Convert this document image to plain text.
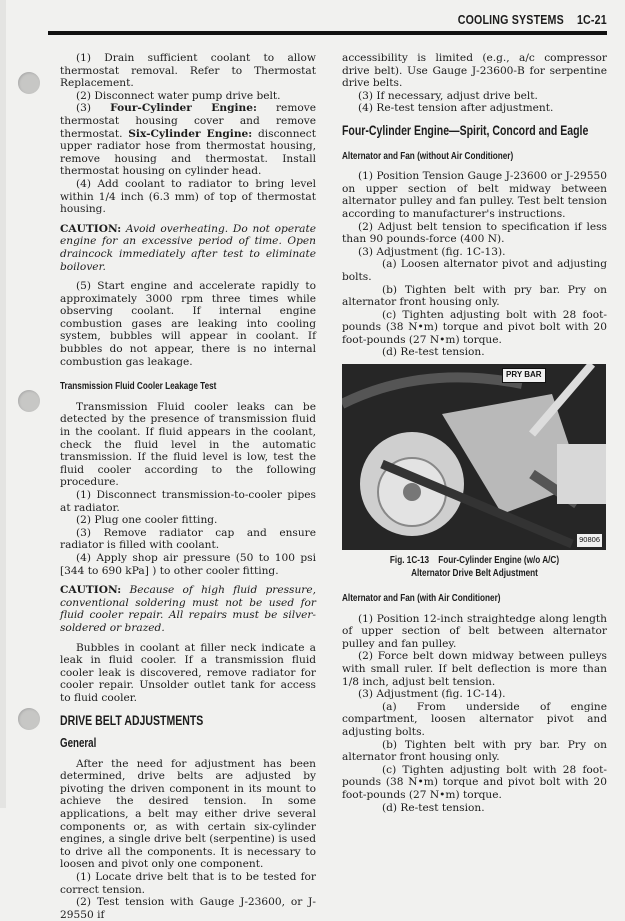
COOLING SYSTEMS 1C-21

(1) Drain sufficient coolant to allow thermostat removal. Refer to Thermostat Replacement.

(2) Disconnect water pump drive belt.

(3) Four-Cylinder Engine: remove thermostat housing cover and remove thermostat. Six-Cylinder Engine: disconnect upper radiator hose from thermostat housing, remove housing and thermostat. Install thermostat housing on cylinder head.

(4) Add coolant to radiator to bring level within 1/4 inch (6.3 mm) of top of thermostat housing.

CAUTION: Avoid overheating. Do not operate engine for an excessive period of time. Open draincock immediately after test to eliminate boilover.

(5) Start engine and accelerate rapidly to approximately 3000 rpm three times while observing coolant. If internal engine combustion gases are leaking into cooling system, bubbles will appear in coolant. If bubbles do not appear, there is no internal combustion gas leakage.

Transmission Fluid Cooler Leakage Test

Transmission Fluid cooler leaks can be detected by the presence of transmission fluid in the coolant. If fluid appears in the coolant, check the fluid level in the automatic transmission. If the fluid level is low, test the fluid cooler according to the following procedure.

(1) Disconnect transmission-to-cooler pipes at radiator.

(2) Plug one cooler fitting.

(3) Remove radiator cap and ensure radiator is filled with coolant.

(4) Apply shop air pressure (50 to 100 psi [344 to 690 kPa] ) to other cooler fitting.

CAUTION: Because of high fluid pressure, conventional soldering must not be used for fluid cooler repair. All repairs must be silver-soldered or brazed.

Bubbles in coolant at filler neck indicate a leak in fluid cooler. If a transmission fluid cooler leak is discovered, remove radiator for cooler repair. Unsolder outlet tank for access to fluid cooler.

DRIVE BELT ADJUSTMENTS
General

After the need for adjustment has been determined, drive belts are adjusted by pivoting the driven component in its mount to achieve the desired tension. In some applications, a belt may either drive several components or, as with certain six-cylinder engines, a single drive belt (serpentine) is used to drive all the components. It is necessary to loosen and pivot only one component.

(1) Locate drive belt that is to be tested for correct tension.

(2) Test tension with Gauge J-23600, or J-29550 if

accessibility is limited (e.g., a/c compressor drive belt). Use Gauge J-23600-B for serpentine drive belts.

(3) If necessary, adjust drive belt.

(4) Re-test tension after adjustment.

Four-Cylinder Engine—Spirit, Concord and Eagle
Alternator and Fan (without Air Conditioner)

(1) Position Tension Gauge J-23600 or J-29550 on upper section of belt midway between alternator pulley and fan pulley. Test belt tension according to manufacturer's instructions.

(2) Adjust belt tension to specification if less than 90 pounds-force (400 N).

(3) Adjustment (fig. 1C-13).

(a) Loosen alternator pivot and adjusting bolts.

(b) Tighten belt with pry bar. Pry on alternator front housing only.

(c) Tighten adjusting bolt with 28 foot-pounds (38 N•m) torque and pivot bolt with 20 foot-pounds (27 N•m) torque.

(d) Re-test tension.

PRY BAR
90806
Fig. 1C-13    Four-Cylinder Engine (w/o A/C)
Alternator Drive Belt Adjustment
Alternator and Fan (with Air Conditioner)

(1) Position 12-inch straightedge along length of upper section of belt between alternator pulley and fan pulley.

(2) Force belt down midway between pulleys with small ruler. If belt deflection is more than 1/8 inch, adjust belt tension.

(3) Adjustment (fig. 1C-14).

(a) From underside of engine compartment, loosen alternator pivot and adjusting bolts.

(b) Tighten belt with pry bar. Pry on alternator front housing only.

(c) Tighten adjusting bolt with 28 foot-pounds (38 N•m) torque and pivot bolt with 20 foot-pounds (27 N•m) torque.

(d) Re-test tension.
